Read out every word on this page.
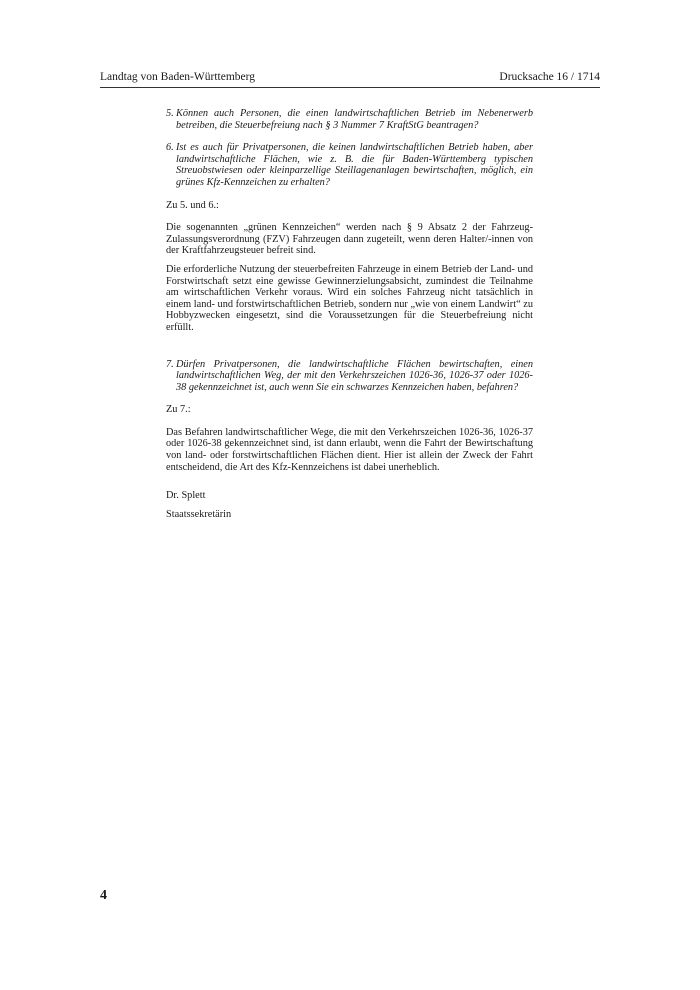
Landtag von Baden-Württemberg	Drucksache 16 / 1714
5. Können auch Personen, die einen landwirtschaftlichen Betrieb im Nebenerwerb betreiben, die Steuerbefreiung nach § 3 Nummer 7 KraftStG beantragen?
6. Ist es auch für Privatpersonen, die keinen landwirtschaftlichen Betrieb haben, aber landwirtschaftliche Flächen, wie z. B. die für Baden-Württemberg typischen Streuobstwiesen oder kleinparzellige Steillagenanlagen bewirtschaften, möglich, ein grünes Kfz-Kennzeichen zu erhalten?
Zu 5. und 6.:
Die sogenannten „grünen Kennzeichen“ werden nach § 9 Absatz 2 der Fahrzeug-Zulassungsverordnung (FZV) Fahrzeugen dann zugeteilt, wenn deren Halter/-innen von der Kraftfahrzeugsteuer befreit sind.
Die erforderliche Nutzung der steuerbefreiten Fahrzeuge in einem Betrieb der Land- und Forstwirtschaft setzt eine gewisse Gewinnerzielungsabsicht, zumindest die Teilnahme am wirtschaftlichen Verkehr voraus. Wird ein solches Fahrzeug nicht tatsächlich in einem land- und forstwirtschaftlichen Betrieb, sondern nur „wie von einem Landwirt“ zu Hobbyzwecken eingesetzt, sind die Voraussetzungen für die Steuerbefreiung nicht erfüllt.
7. Dürfen Privatpersonen, die landwirtschaftliche Flächen bewirtschaften, einen landwirtschaftlichen Weg, der mit den Verkehrszeichen 1026-36, 1026-37 oder 1026-38 gekennzeichnet ist, auch wenn Sie ein schwarzes Kennzeichen haben, befahren?
Zu 7.:
Das Befahren landwirtschaftlicher Wege, die mit den Verkehrszeichen 1026-36, 1026-37 oder 1026-38 gekennzeichnet sind, ist dann erlaubt, wenn die Fahrt der Bewirtschaftung von land- oder forstwirtschaftlichen Flächen dient. Hier ist allein der Zweck der Fahrt entscheidend, die Art des Kfz-Kennzeichens ist dabei unerheblich.
Dr. Splett
Staatssekretärin
4
